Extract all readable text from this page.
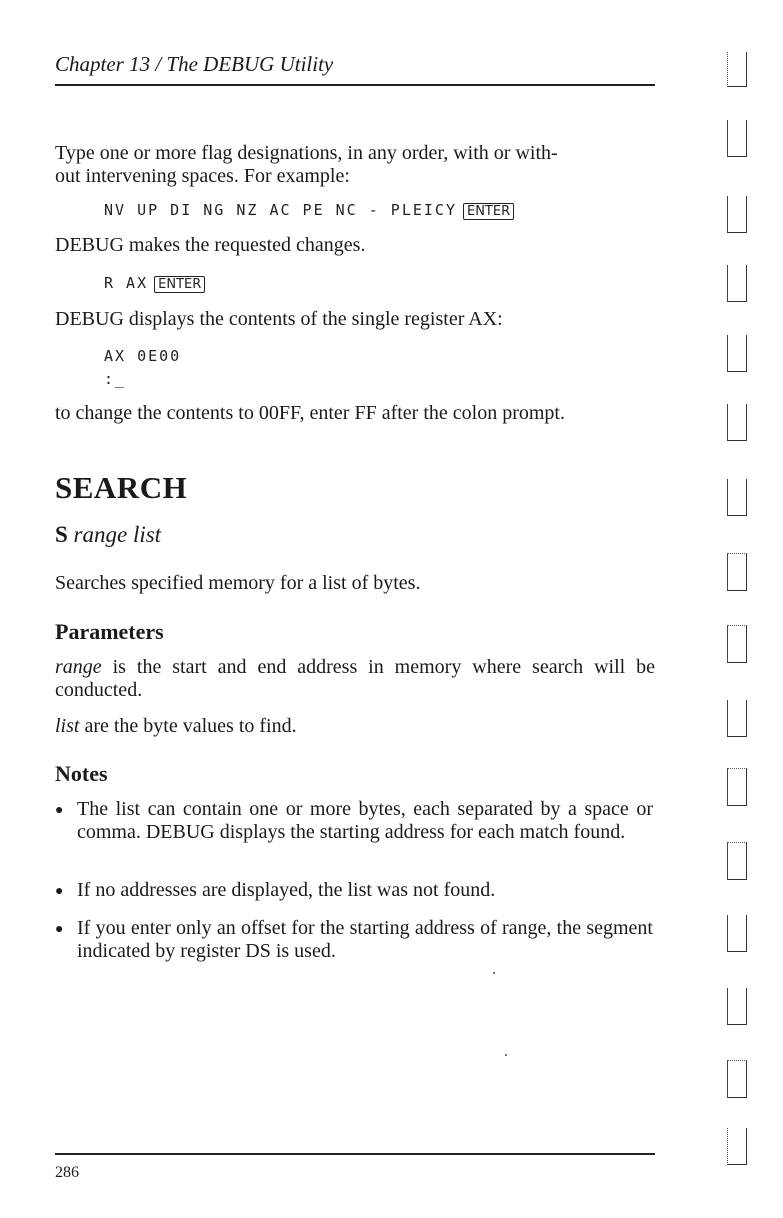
Chapter 13 / The DEBUG Utility
Type one or more flag designations, in any order, with or with-
out intervening spaces. For example:
NV UP DI NG NZ AC PE NC - PLEICY ENTER
DEBUG makes the requested changes.
R AX ENTER
DEBUG displays the contents of the single register AX:
AX 0E00
:_
to change the contents to 00FF, enter FF after the colon prompt.
SEARCH
S range list
Searches specified memory for a list of bytes.
Parameters
range is the start and end address in memory where search will be conducted.
list are the byte values to find.
Notes
● The list can contain one or more bytes, each separated by a space or comma. DEBUG displays the starting address for each match found.
● If no addresses are displayed, the list was not found.
● If you enter only an offset for the starting address of range, the segment indicated by register DS is used.
286
